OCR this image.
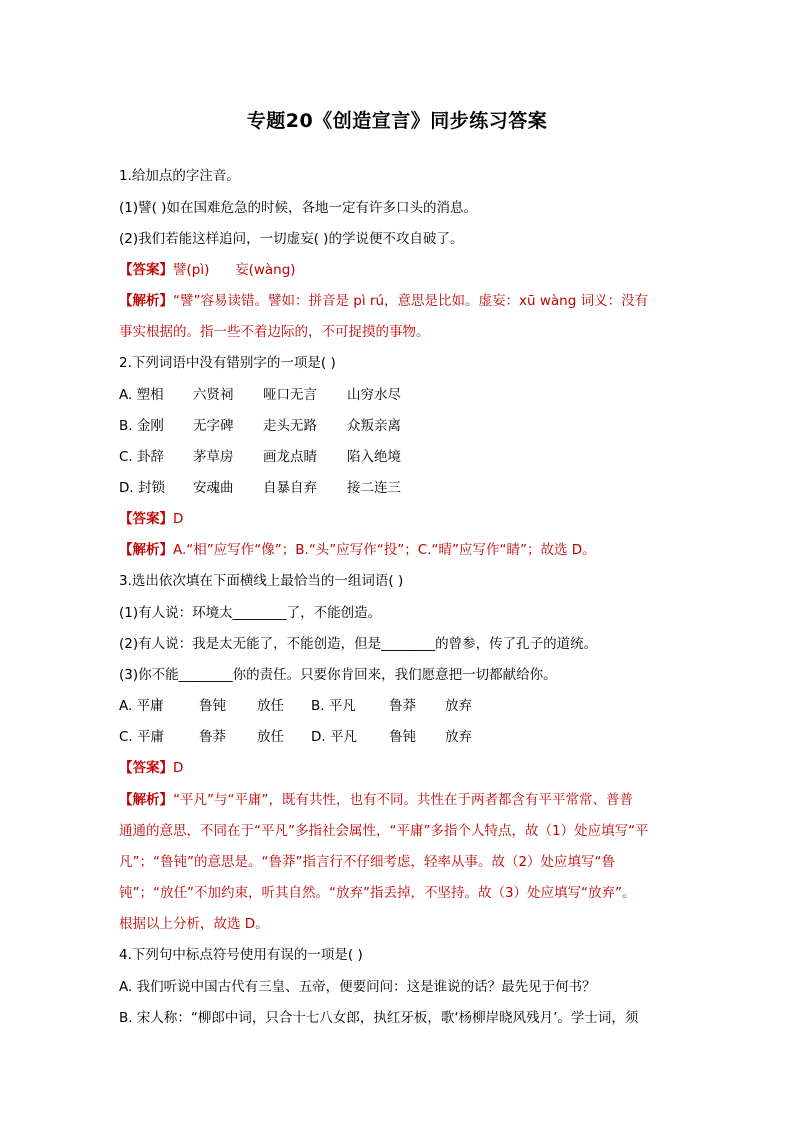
专题20《创造宣言》同步练习答案
1.给加点的字注音。
(1)譬( )如在国难危急的时候，各地一定有许多口头的消息。
(2)我们若能这样追问，一切虚妄( )的学说便不攻自破了。
【答案】譬(pì)      妄(wàng)
【解析】“譬”容易读错。譬如：拼音是 pì rú，意思是比如。虚妄：xū wàng 词义：没有
事实根据的。指一些不着边际的，不可捉摸的事物。
2.下列词语中没有错别字的一项是( )
A. 塑相 六贤祠 哑口无言 山穷水尽
B. 金刚 无字碑 走头无路 众叛亲离
C. 卦辞 茅草房 画龙点睛 陷入绝境
D. 封锁 安魂曲 自暴自弃 接二连三
【答案】D
【解析】A.“相”应写作“像”；B.“头”应写作“投”；C.“晴”应写作“睛”；故选 D。
3.选出依次填在下面横线上最恰当的一组词语( )
(1)有人说：环境太________了，不能创造。
(2)有人说：我是太无能了，不能创造，但是________的曾参，传了孔子的道统。
(3)你不能________你的责任。只要你肯回来，我们愿意把一切都献给你。
A. 平庸	鲁钝 放任 B. 平凡 鲁莽 放弃
C. 平庸	鲁莽 放任 D. 平凡 鲁钝 放弃
【答案】D
【解析】“平凡”与“平庸”，既有共性，也有不同。共性在于两者都含有平平常常、普普
通通的意思，不同在于“平凡”多指社会属性，“平庸”多指个人特点，故（1）处应填写“平
凡”；“鲁钝”的意思是。“鲁莽”指言行不仔细考虑，轻率从事。故（2）处应填写“鲁
钝”；“放任”不加约束，听其自然。“放弃”指丢掉，不坚持。故（3）处应填写“放弃”。
根据以上分析，故选 D。
4.下列句中标点符号使用有误的一项是( )
A. 我们听说中国古代有三皇、五帝，便要问问：这是谁说的话？最先见于何书？
B. 宋人称：“柳郎中词，只合十七八女郎，执红牙板，歌‘杨柳岸晓风残月’。学士词，须
